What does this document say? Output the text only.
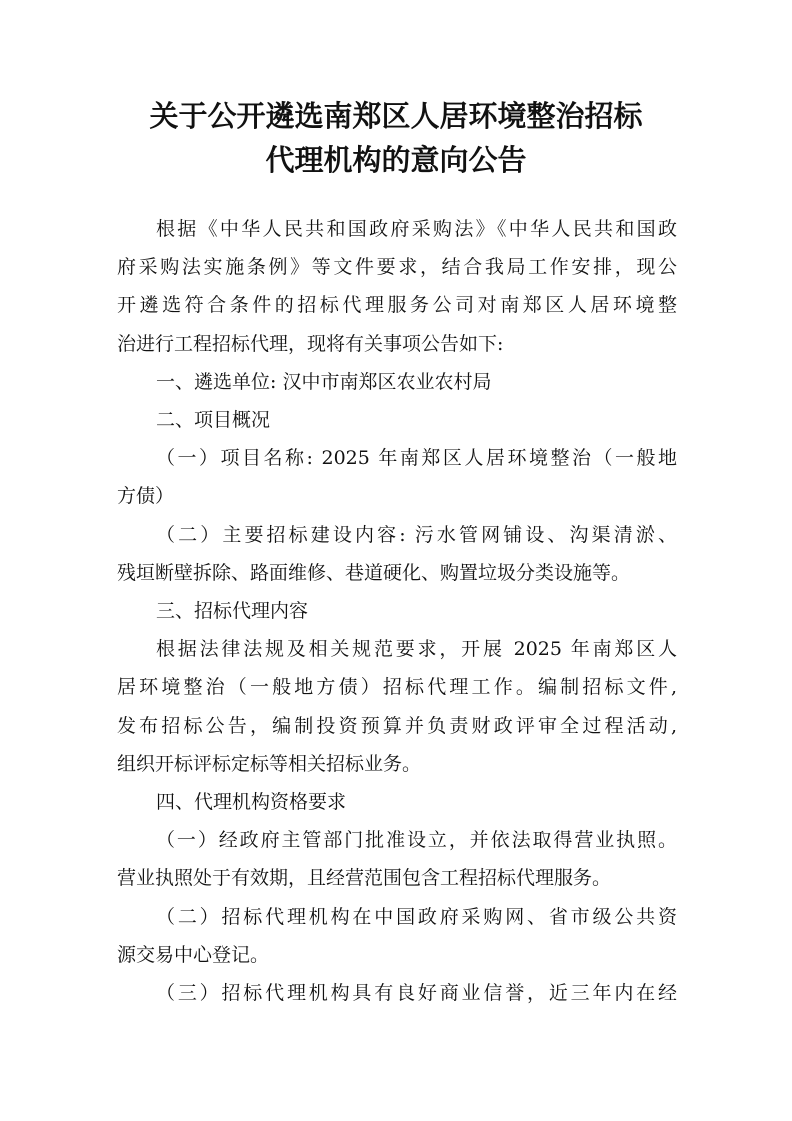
关于公开遴选南郑区人居环境整治招标
代理机构的意向公告
根据《中华人民共和国政府采购法》《中华人民共和国政
府采购法实施条例》等文件要求，结合我局工作安排，现公
开遴选符合条件的招标代理服务公司对南郑区人居环境整
治进行工程招标代理，现将有关事项公告如下:
一、遴选单位: 汉中市南郑区农业农村局
二、项目概况
（一）项目名称: 2025 年南郑区人居环境整治（一般地
方债）
（二）主要招标建设内容: 污水管网铺设、沟渠清淤、
残垣断壁拆除、路面维修、巷道硬化、购置垃圾分类设施等。
三、招标代理内容
根据法律法规及相关规范要求，开展 2025 年南郑区人
居环境整治（一般地方债）招标代理工作。编制招标文件,
发布招标公告，编制投资预算并负责财政评审全过程活动,
组织开标评标定标等相关招标业务。
四、代理机构资格要求
（一）经政府主管部门批准设立，并依法取得营业执照。
营业执照处于有效期，且经营范围包含工程招标代理服务。
（二）招标代理机构在中国政府采购网、省市级公共资
源交易中心登记。
（三）招标代理机构具有良好商业信誉，近三年内在经
